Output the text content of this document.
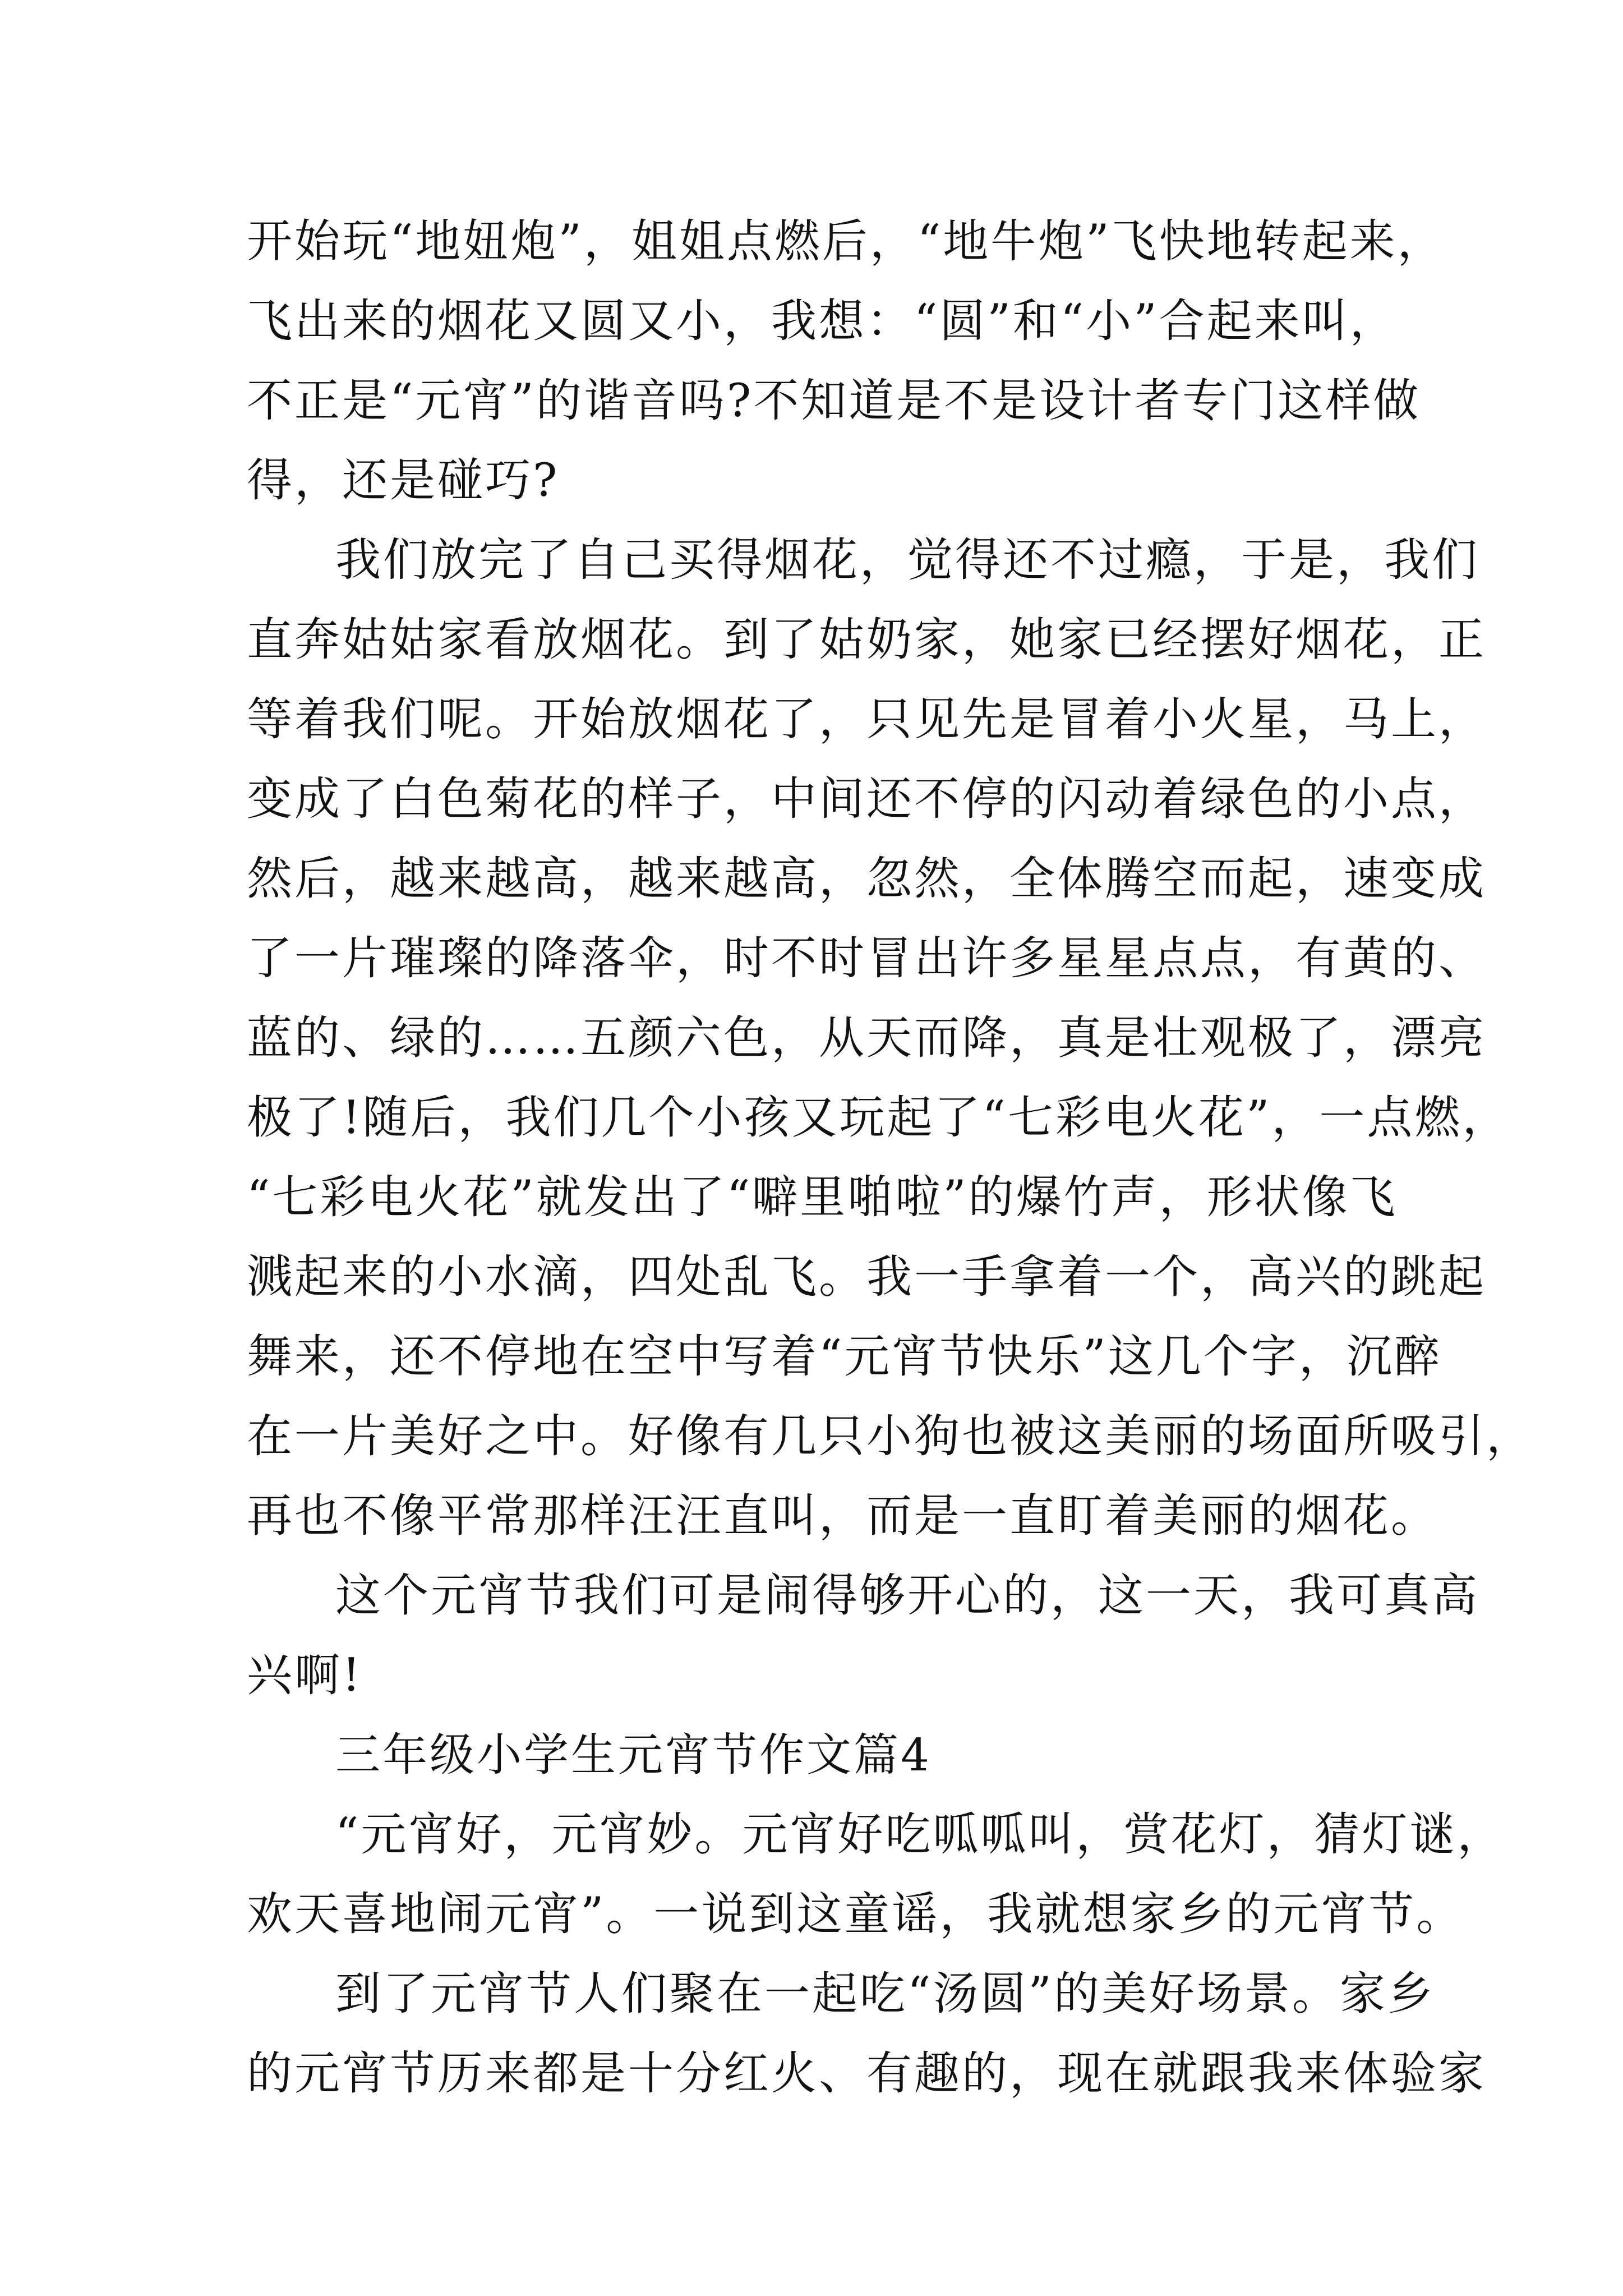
开始玩“地妞炮”，姐姐点燃后，“地牛炮”飞快地转起来，
飞出来的烟花又圆又小，我想：“圆”和“小”合起来叫，
不正是“元宵”的谐音吗?不知道是不是设计者专门这样做
得，还是碰巧?
我们放完了自己买得烟花，觉得还不过瘾，于是，我们
直奔姑姑家看放烟花。到了姑奶家，她家已经摆好烟花，正
等着我们呢。开始放烟花了，只见先是冒着小火星，马上，
变成了白色菊花的样子，中间还不停的闪动着绿色的小点，
然后，越来越高，越来越高，忽然，全体腾空而起，速变成
了一片璀璨的降落伞，时不时冒出许多星星点点，有黄的、
蓝的、绿的……五颜六色，从天而降，真是壮观极了，漂亮
极了!随后，我们几个小孩又玩起了“七彩电火花”，一点燃，
“七彩电火花”就发出了“噼里啪啦”的爆竹声，形状像飞
溅起来的小水滴，四处乱飞。我一手拿着一个，高兴的跳起
舞来，还不停地在空中写着“元宵节快乐”这几个字，沉醉
在一片美好之中。好像有几只小狗也被这美丽的场面所吸引，
再也不像平常那样汪汪直叫，而是一直盯着美丽的烟花。
这个元宵节我们可是闹得够开心的，这一天，我可真高
兴啊!
三年级小学生元宵节作文篇4
“元宵好，元宵妙。元宵好吃呱呱叫，赏花灯，猜灯谜，
欢天喜地闹元宵”。一说到这童谣，我就想家乡的元宵节。
到了元宵节人们聚在一起吃“汤圆”的美好场景。家乡
的元宵节历来都是十分红火、有趣的，现在就跟我来体验家
